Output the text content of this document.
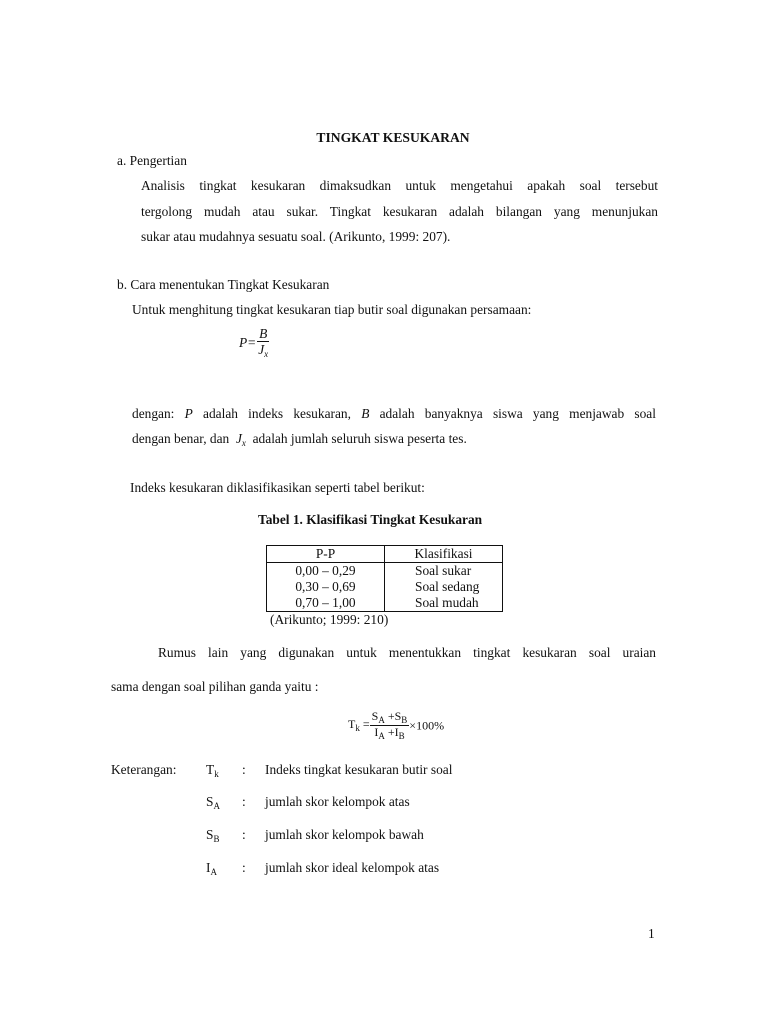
TINGKAT KESUKARAN
a. Pengertian
Analisis tingkat kesukaran dimaksudkan untuk mengetahui apakah soal tersebut
tergolong mudah atau sukar. Tingkat kesukaran adalah bilangan yang menunjukan
sukar atau mudahnya sesuatu soal. (Arikunto, 1999: 207).
b. Cara menentukan Tingkat Kesukaran
Untuk menghitung tingkat kesukaran tiap butir soal digunakan persamaan:
$P= \frac{B}{J_x}$
dengan: P adalah indeks kesukaran, B adalah banyaknya siswa yang menjawab soal
dengan benar, dan $J_x$ adalah jumlah seluruh siswa peserta tes.
Indeks kesukaran diklasifikasikan seperti tabel berikut:
Tabel 1. Klasifikasi Tingkat Kesukaran
P-P	Klasifikasi
0,00 – 0,29	Soal sukar
0,30 – 0,69	Soal sedang
0,70 – 1,00	Soal mudah
(Arikunto; 1999: 210)
Rumus lain yang digunakan untuk menentukkan tingkat kesukaran soal uraian
sama dengan soal pilihan ganda yaitu :
$T_k = \frac{S_A +S_B}{I_A +I_B} \times 100\%$
Keterangan: $T_k$ : Indeks tingkat kesukaran butir soal
$S_A$ : jumlah skor kelompok atas
$S_B$ : jumlah skor kelompok bawah
$I_A$ : jumlah skor ideal kelompok atas
1
